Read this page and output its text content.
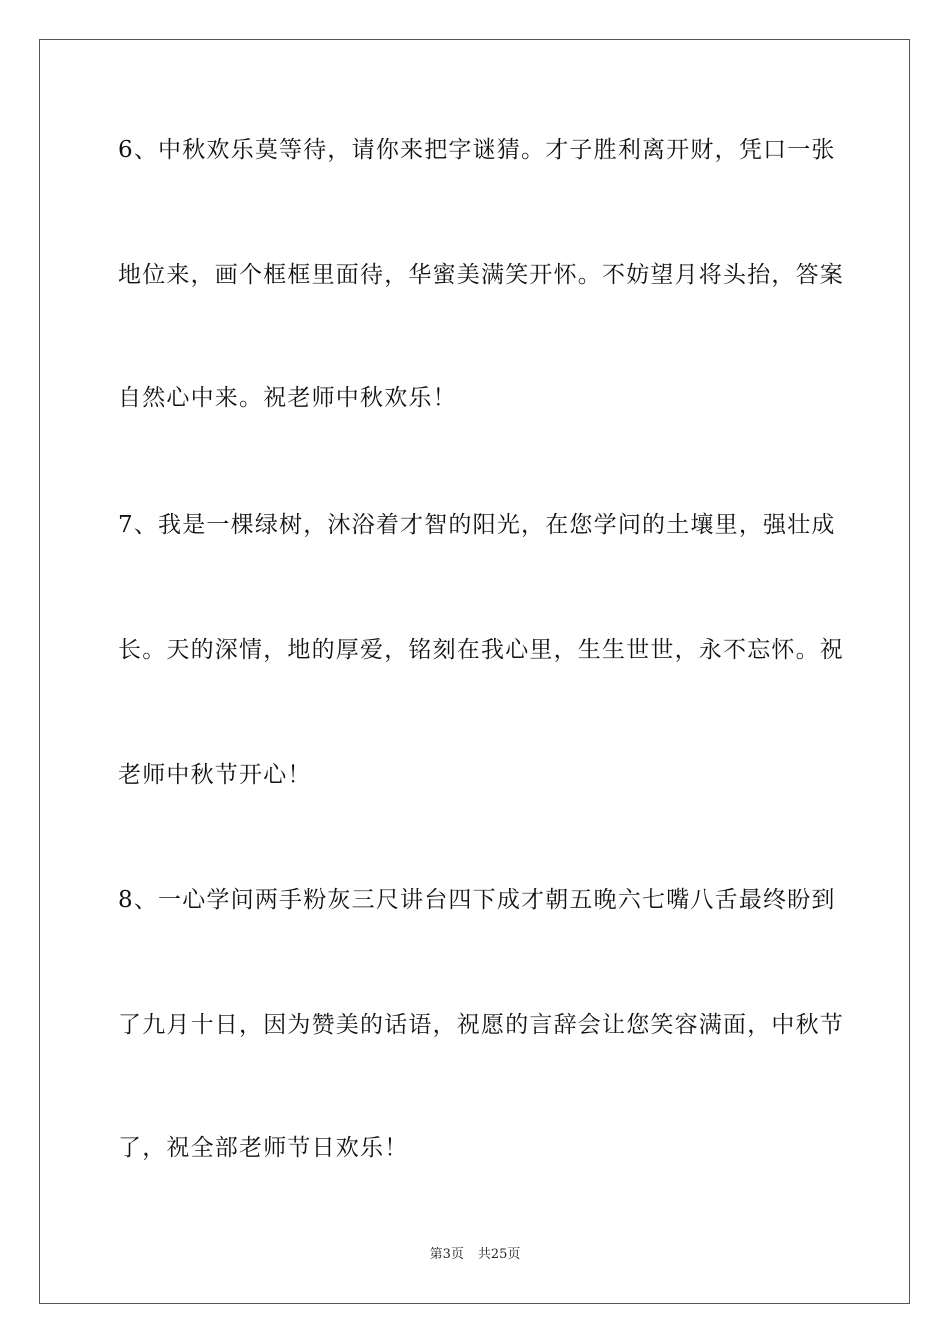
6、中秋欢乐莫等待，请你来把字谜猜。才子胜利离开财，凭口一张
地位来，画个框框里面待，华蜜美满笑开怀。不妨望月将头抬，答案
自然心中来。祝老师中秋欢乐！
7、我是一棵绿树，沐浴着才智的阳光，在您学问的土壤里，强壮成
长。天的深情，地的厚爱，铭刻在我心里，生生世世，永不忘怀。祝
老师中秋节开心！
8、一心学问两手粉灰三尺讲台四下成才朝五晚六七嘴八舌最终盼到
了九月十日，因为赞美的话语，祝愿的言辞会让您笑容满面，中秋节
了，祝全部老师节日欢乐！
第3页 共25页
